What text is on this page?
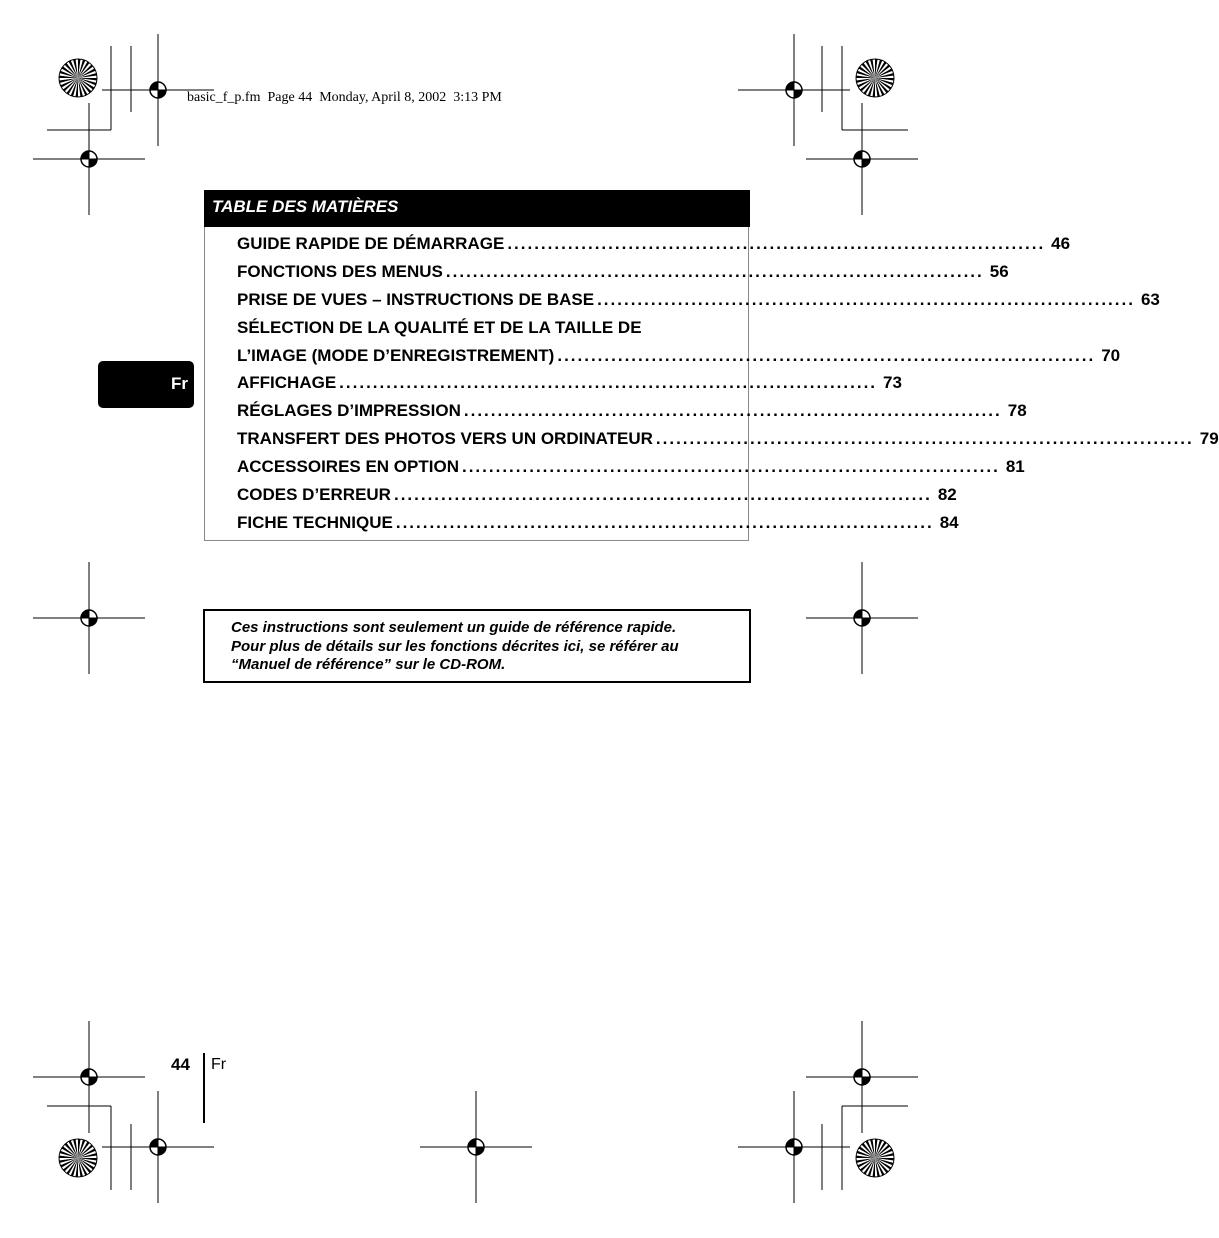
basic_f_p.fm  Page 44  Monday, April 8, 2002  3:13 PM
TABLE DES MATIÈRES
GUIDE RAPIDE DE DÉMARRAGE ................................................................................ 46
FONCTIONS DES MENUS ................................................................................ 56
PRISE DE VUES – INSTRUCTIONS DE BASE ................................................................................ 63
SÉLECTION DE LA QUALITÉ ET DE LA TAILLE DE
L’IMAGE (MODE D’ENREGISTREMENT) ................................................................................ 70
AFFICHAGE ................................................................................ 73
RÉGLAGES D’IMPRESSION ................................................................................ 78
TRANSFERT DES PHOTOS VERS UN ORDINATEUR ................................................................................ 79
ACCESSOIRES EN OPTION ................................................................................ 81
CODES D’ERREUR ................................................................................ 82
FICHE TECHNIQUE ................................................................................ 84
Fr
Ces instructions sont seulement un guide de référence rapide.
Pour plus de détails sur les fonctions décrites ici, se référer au
“Manuel de référence” sur le CD-ROM.
44 Fr
